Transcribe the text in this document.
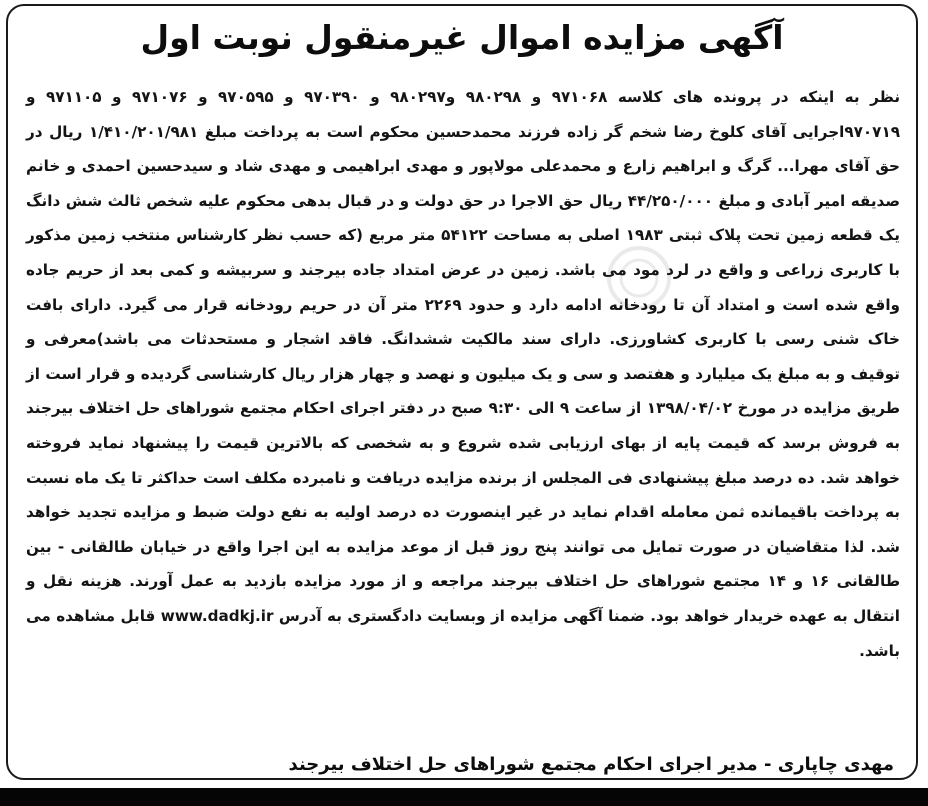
آگهی مزایده اموال غیرمنقول نوبت اول
نظر به اینکه در پرونده های کلاسه ۹۷۱۰۶۸ و ۹۸۰۲۹۸ و۹۸۰۲۹۷ و ۹۷۰۳۹۰ و ۹۷۰۵۹۵ و ۹۷۱۰۷۶ و ۹۷۱۱۰۵ و ۹۷۰۷۱۹اجرایی آقای کلوخ رضا شخم گر زاده فرزند محمدحسین محکوم است به پرداخت مبلغ ۱/۴۱۰/۲۰۱/۹۸۱ ریال در حق آقای مهرا... گرگ و ابراهیم زارع و محمدعلی مولاپور و مهدی ابراهیمی و مهدی شاد و سیدحسین احمدی و خانم صدیقه امیر آبادی و مبلغ ۴۴/۲۵۰/۰۰۰ ریال حق الاجرا در حق دولت و در قبال بدهی محکوم علیه شخص ثالث شش دانگ یک قطعه زمین تحت پلاک ثبتی ۱۹۸۳ اصلی به مساحت ۵۴۱۲۲ متر مربع (که حسب نظر کارشناس منتخب زمین مذکور با کاربری زراعی و واقع در لرد مود می باشد. زمین در عرض امتداد جاده بیرجند و سربیشه و کمی بعد از حریم جاده واقع شده است و امتداد آن تا رودخانه ادامه دارد و حدود ۲۲۶۹ متر آن در حریم رودخانه قرار می گیرد. دارای بافت خاک شنی رسی با کاربری کشاورزی. دارای سند مالکیت ششدانگ. فاقد اشجار و مستحدثات می باشد)معرفی و توقیف و به مبلغ یک میلیارد و هفتصد و سی و یک میلیون و نهصد و چهار هزار ریال کارشناسی گردیده و قرار است از طریق مزایده در مورخ ۱۳۹۸/۰۴/۰۲ از ساعت ۹ الی ۹:۳۰ صبح در دفتر اجرای احکام مجتمع شوراهای حل اختلاف بیرجند به فروش برسد که قیمت پایه از بهای ارزیابی شده شروع و به شخصی که بالاترین قیمت را پیشنهاد نماید فروخته خواهد شد. ده درصد مبلغ پیشنهادی فی المجلس از برنده مزایده دریافت و نامبرده مکلف است حداکثر تا یک ماه نسبت به پرداخت باقیمانده ثمن معامله اقدام نماید در غیر اینصورت ده درصد اولیه به نفع دولت ضبط و مزایده تجدید خواهد شد. لذا متقاضیان در صورت تمایل می توانند پنج روز قبل از موعد مزایده به این اجرا واقع در خیابان طالقانی - بین طالقانی ۱۶ و ۱۴ مجتمع شوراهای حل اختلاف بیرجند مراجعه و از مورد مزایده بازدید به عمل آورند. هزینه نقل و انتقال به عهده خریدار خواهد بود. ضمنا آگهی مزایده از وبسایت دادگستری به آدرس www.dadkj.ir قابل مشاهده می باشد.
مهدی چاپاری - مدیر اجرای احکام مجتمع شوراهای حل اختلاف بیرجند
